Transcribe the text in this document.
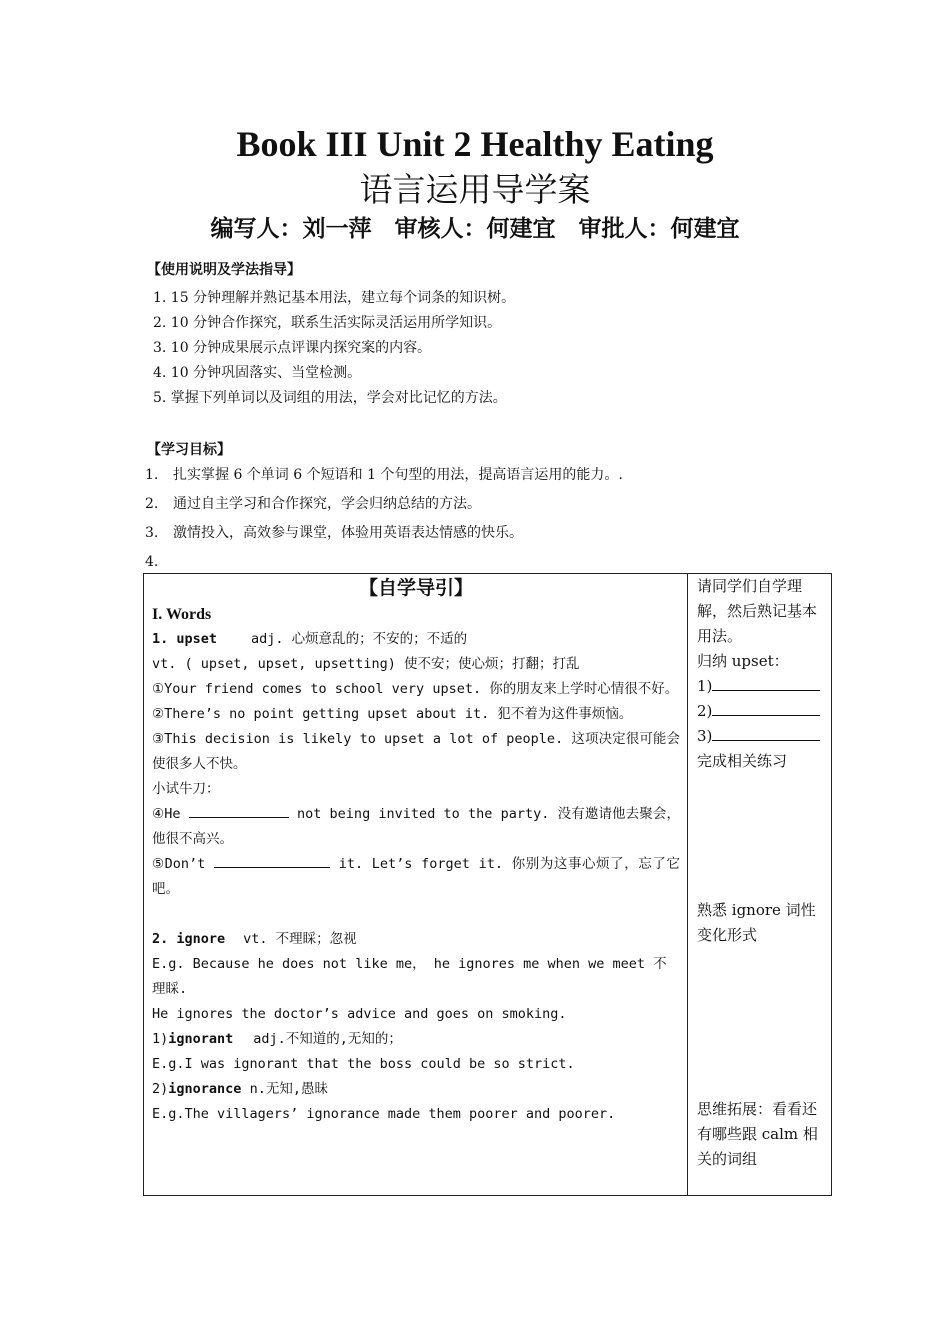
Book III Unit 2 Healthy Eating
语言运用导学案
编写人：刘一萍　审核人：何建宜　审批人：何建宜
【使用说明及学法指导】
1. 15 分钟理解并熟记基本用法，建立每个词条的知识树。
2. 10 分钟合作探究，联系生活实际灵活运用所学知识。
3. 10 分钟成果展示点评课内探究案的内容。
4. 10 分钟巩固落实、当堂检测。
5. 掌握下列单词以及词组的用法，学会对比记忆的方法。
【学习目标】
1. 扎实掌握 6 个单词 6 个短语和 1 个句型的用法，提高语言运用的能力。.
2. 通过自主学习和合作探究，学会归纳总结的方法。
3. 激情投入，高效参与课堂，体验用英语表达情感的快乐。
4.
【自学导引】
I. Words
1. upset	adj. 心烦意乱的；不安的；不适的
vt. ( upset, upset, upsetting) 使不安；使心烦；打翻；打乱
①Your friend comes to school very upset. 你的朋友来上学时心情很不好。
②There’s no point getting upset about it. 犯不着为这件事烦恼。
③This decision is likely to upset a lot of people. 这项决定很可能会使很多人不快。
小试牛刀：
④He	not being invited to the party. 没有邀请他去聚会，他很不高兴。
⑤Don’t	it. Let’s forget it. 你别为这事心烦了，忘了它吧。
2. ignore vt. 不理睬；忽视
E.g. Because he does not like me， he ignores me when we meet 不理睬.
He ignores the doctor’s advice and goes on smoking.
1)ignorant adj.不知道的,无知的；
E.g.I was ignorant that the boss could be so strict.
2)ignorance n.无知,愚昧
E.g.The villagers’ ignorance made them poorer and poorer.
请同学们自学理解，然后熟记基本用法。
归纳 upset：
1)
2)
3)
完成相关练习
熟悉 ignore 词性变化形式
思维拓展：看看还有哪些跟 calm 相关的词组
